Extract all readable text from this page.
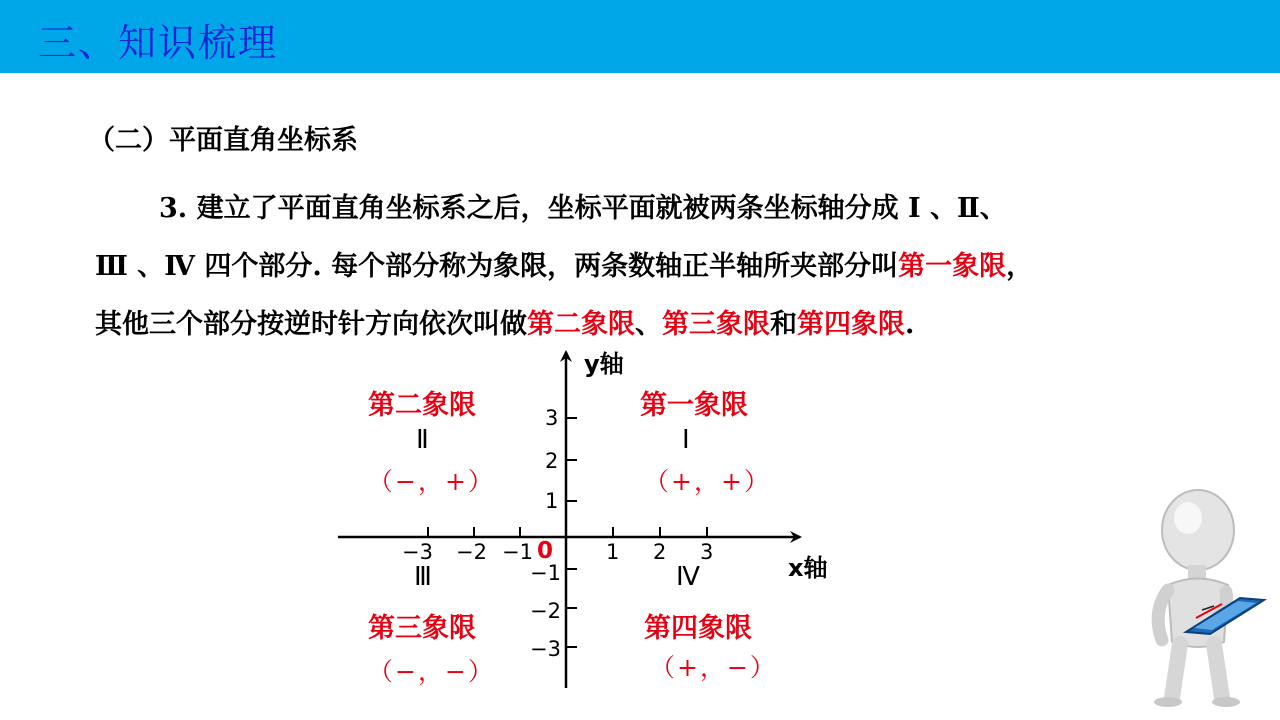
三、知识梳理
（二）平面直角坐标系
3. 建立了平面直角坐标系之后，坐标平面就被两条坐标轴分成 Ⅰ 、Ⅱ、
Ⅲ 、Ⅳ 四个部分. 每个部分称为象限，两条数轴正半轴所夹部分叫第一象限，
其他三个部分按逆时针方向依次叫做第二象限、第三象限和第四象限.
y轴
x轴
0
−3 −2 −1	1 2 3
3
2
1
−1
−2
−3
第二象限
Ⅱ
（−，+）
第一象限
Ⅰ
（+，+）
Ⅲ
第三象限
（−，−）
Ⅳ
第四象限
（+，−）
